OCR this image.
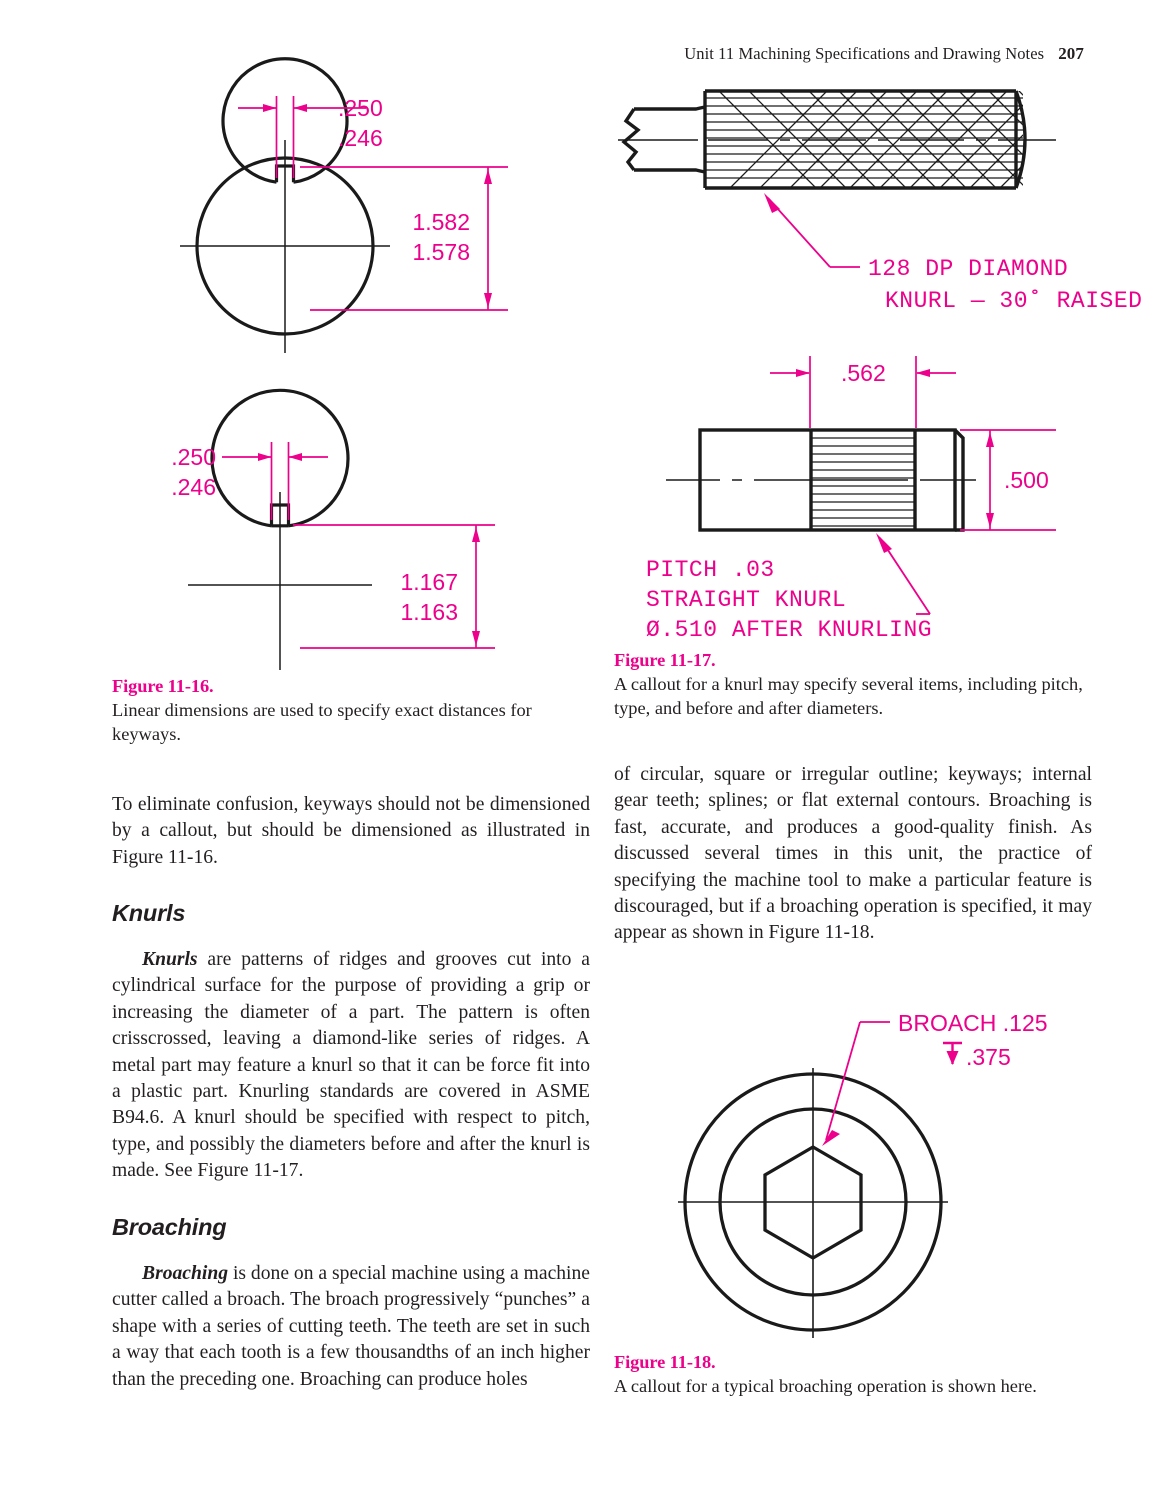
Unit 11 Machining Specifications and Drawing Notes 207
.250
.246
1.582
1.578
.250
.246
1.167
1.163
Figure 11-16.
Linear dimensions are used to specify exact distances for keyways.
128 DP DIAMOND
KNURL — 30˚ RAISED
.562
.500
PITCH .03
STRAIGHT KNURL
Ø.510 AFTER KNURLING
Figure 11-17.
A callout for a knurl may specify several items, including pitch, type, and before and after diameters.

To eliminate confusion, keyways should not be dimensioned by a callout, but should be dimensioned as illustrated in Figure 11-16.

Knurls

Knurls are patterns of ridges and grooves cut into a cylindrical surface for the purpose of providing a grip or increasing the diameter of a part. The pattern is often crisscrossed, leaving a diamond-like series of ridges. A metal part may feature a knurl so that it can be force fit into a plastic part. Knurling standards are covered in ASME B94.6. A knurl should be specified with respect to pitch, type, and possibly the diameters before and after the knurl is made. See Figure 11-17.

Broaching

Broaching is done on a special machine using a machine cutter called a broach. The broach progressively “punches” a shape with a series of cutting teeth. The teeth are set in such a way that each tooth is a few thousandths of an inch higher than the preceding one. Broaching can produce holes

of circular, square or irregular outline; keyways; internal gear teeth; splines; or flat external contours. Broaching is fast, accurate, and produces a good-quality finish. As discussed several times in this unit, the practice of specifying the machine tool to make a particular feature is discouraged, but if a broaching operation is specified, it may appear as shown in Figure 11-18.

BROACH .125
.375
Figure 11-18.
A callout for a typical broaching operation is shown here.
